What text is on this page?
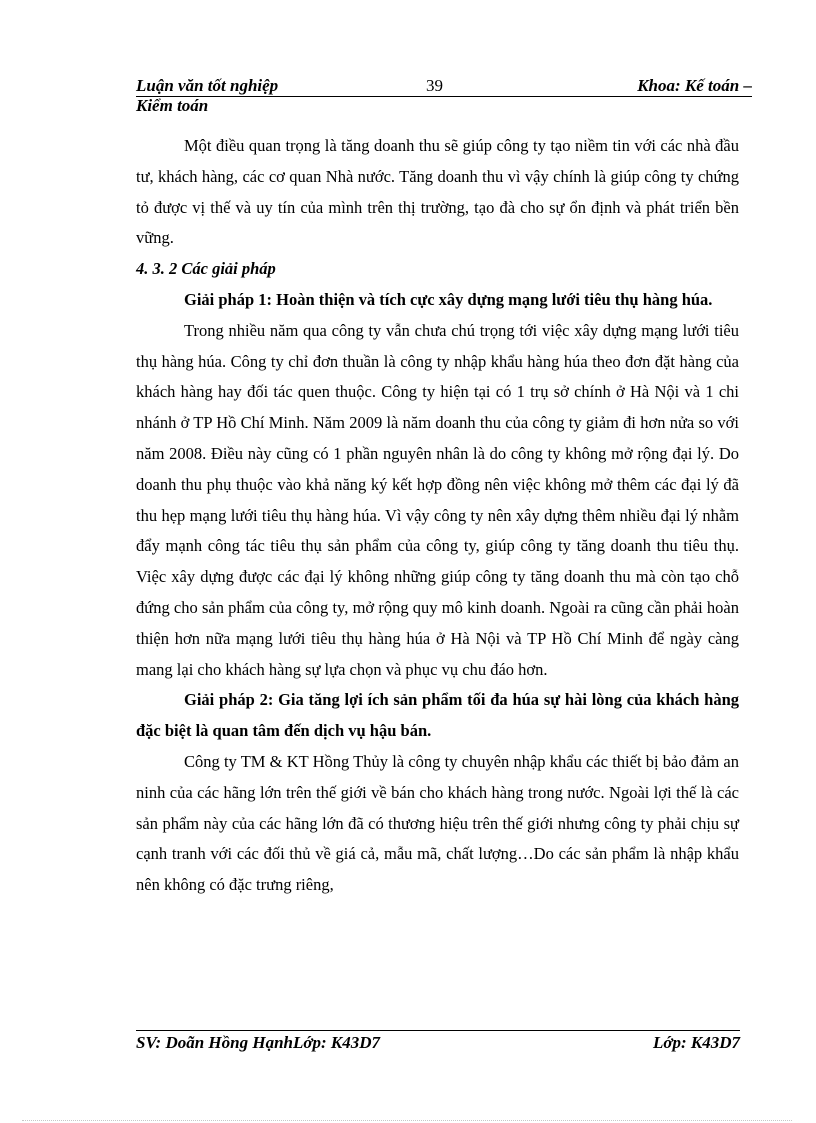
Luận văn tốt nghiệp	39	Khoa: Kế toán –
Kiểm toán

Một điều quan trọng là tăng doanh thu sẽ giúp công ty tạo niềm tin với các nhà đầu tư, khách hàng, các cơ quan Nhà nước. Tăng doanh thu vì vậy chính là giúp công ty chứng tỏ được vị thế và uy tín của mình trên thị trường, tạo đà cho sự ổn định và phát triển bền vững.

4. 3. 2 Các giải pháp

Giải pháp 1: Hoàn thiện và tích cực xây dựng mạng lưới tiêu thụ hàng húa.

Trong nhiều năm qua công ty vẫn chưa chú trọng tới việc xây dựng mạng lưới tiêu thụ hàng húa. Công ty chỉ đơn thuần là công ty nhập khẩu hàng húa theo đơn đặt hàng của khách hàng hay đối tác quen thuộc. Công ty hiện tại có 1 trụ sở chính ở Hà Nội và 1 chi nhánh ở TP Hồ Chí Minh. Năm 2009 là năm doanh thu của công ty giảm đi hơn nửa so với năm 2008. Điều này cũng có 1 phần nguyên nhân là do công ty không mở rộng đại lý. Do doanh thu phụ thuộc vào khả năng ký kết hợp đồng nên việc không mở thêm các đại lý đã thu hẹp mạng lưới tiêu thụ hàng húa. Vì vậy công ty nên xây dựng thêm nhiều đại lý nhằm đẩy mạnh công tác tiêu thụ sản phẩm của công ty, giúp công ty tăng doanh thu tiêu thụ. Việc xây dựng được các đại lý không những giúp công ty tăng doanh thu mà còn tạo chỗ đứng cho sản phẩm của công ty, mở rộng quy mô kinh doanh. Ngoài ra cũng cần phải hoàn thiện hơn nữa mạng lưới tiêu thụ hàng húa ở Hà Nội và TP Hồ Chí Minh để ngày càng mang lại cho khách hàng sự lựa chọn và phục vụ chu đáo hơn.

Giải pháp 2: Gia tăng lợi ích sản phẩm tối đa húa sự hài lòng của khách hàng đặc biệt là quan tâm đến dịch vụ hậu bán.

Công ty TM & KT Hồng Thủy là công ty chuyên nhập khẩu các thiết bị bảo đảm an ninh của các hãng lớn trên thế giới về bán cho khách hàng trong nước. Ngoài lợi thế là các sản phẩm này của các hãng lớn đã có thương hiệu trên thế giới nhưng công ty phải chịu sự cạnh tranh với các đối thủ về giá cả, mẫu mã, chất lượng…Do các sản phẩm là nhập khẩu nên không có đặc trưng riêng,

SV: Doãn Hồng HạnhLớp: K43D7	Lớp: K43D7
